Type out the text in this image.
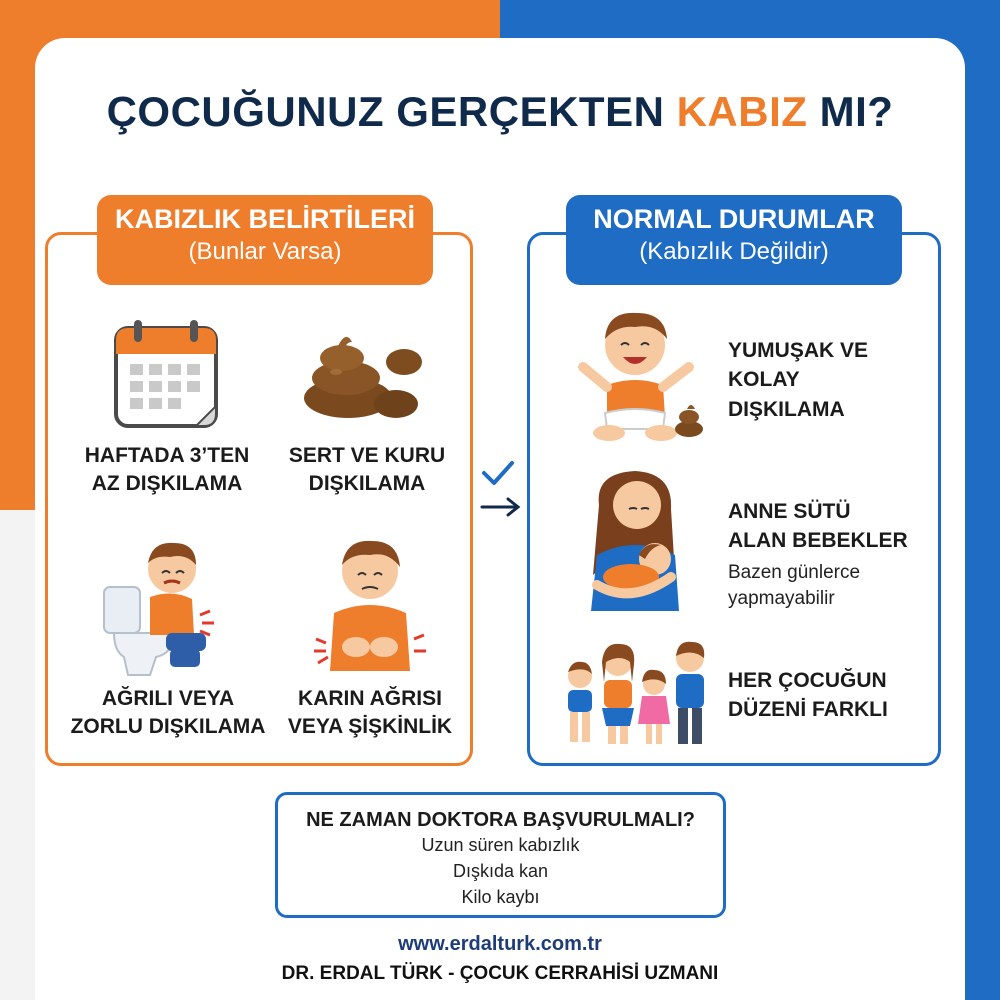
ÇOCUĞUNUZ GERÇEKTEN KABIZ MI?
KABIZLIK BELİRTİLERİ
(Bunlar Varsa)
HAFTADA 3’TEN
AZ DIŞKILAMA
SERT VE KURU
DIŞKILAMA
AĞRILI VEYA
ZORLU DIŞKILAMA
KARIN AĞRISI
VEYA ŞİŞKİNLİK
NORMAL DURUMLAR
(Kabızlık Değildir)
YUMUŞAK VE
KOLAY
DIŞKILAMA
ANNE SÜTÜ
ALAN BEBEKLER
Bazen günlerce
yapmayabilir
HER ÇOCUĞUN
DÜZENİ FARKLI
NE ZAMAN DOKTORA BAŞVURULMALI?
Uzun süren kabızlık
Dışkıda kan
Kilo kaybı
www.erdalturk.com.tr
DR. ERDAL TÜRK - ÇOCUK CERRAHİSİ UZMANI
